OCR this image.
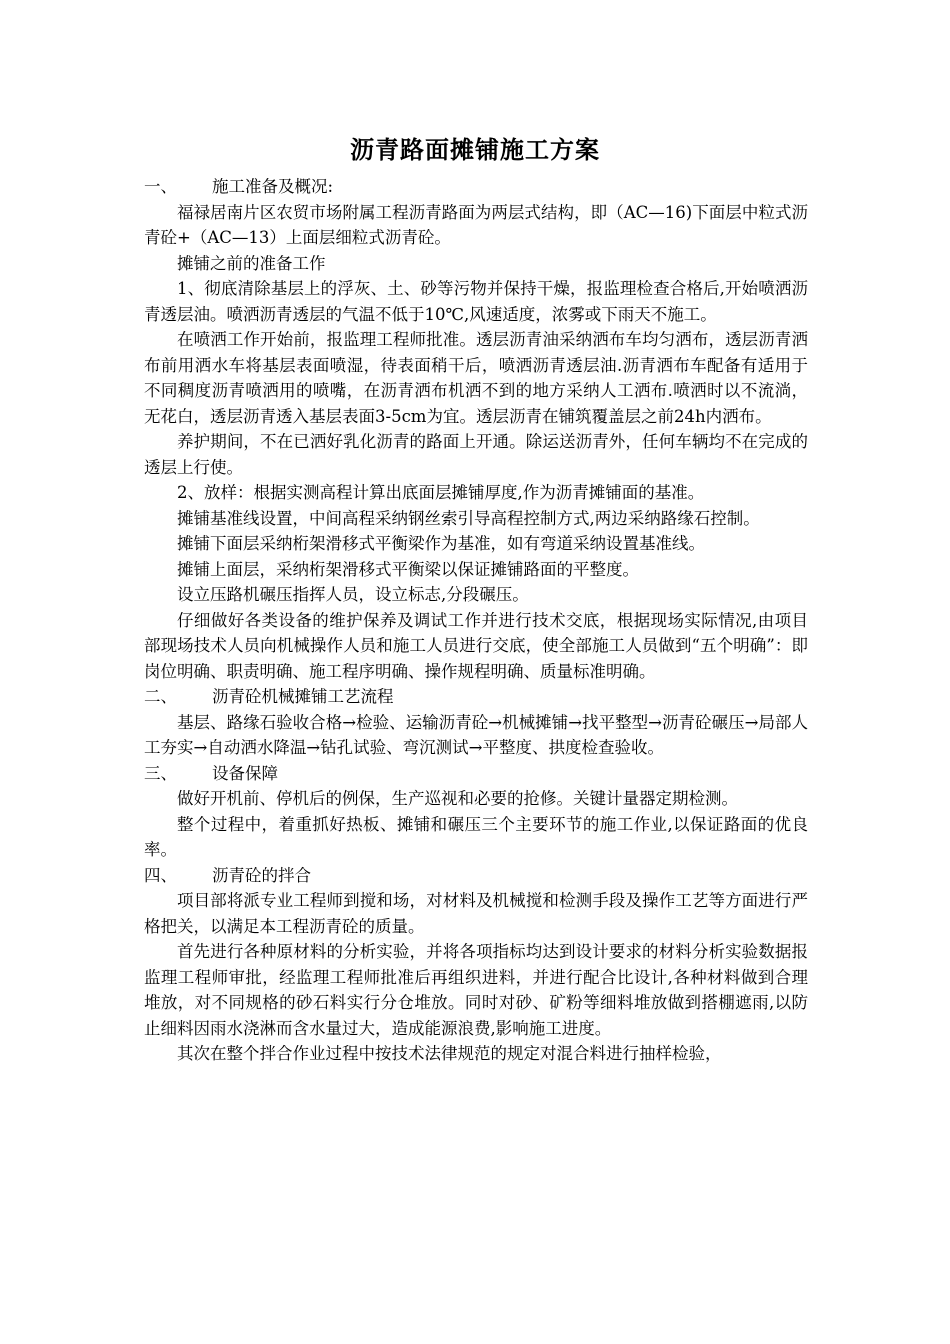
沥青路面摊铺施工方案

一、	施工准备及概况:

福禄居南片区农贸市场附属工程沥青路面为两层式结构，即（AC—16)下面层中粒式沥青砼+（AC—13）上面层细粒式沥青砼。

摊铺之前的准备工作

1、彻底清除基层上的浮灰、土、砂等污物并保持干燥，报监理检查合格后,开始喷洒沥青透层油。喷洒沥青透层的气温不低于10℃,风速适度，浓雾或下雨天不施工。

在喷洒工作开始前，报监理工程师批准。透层沥青油采纳洒布车均匀洒布，透层沥青洒布前用洒水车将基层表面喷湿，待表面稍干后，喷洒沥青透层油.沥青洒布车配备有适用于不同稠度沥青喷洒用的喷嘴，在沥青洒布机洒不到的地方采纳人工洒布.喷洒时以不流淌，无花白，透层沥青透入基层表面3-5cm为宜。透层沥青在铺筑覆盖层之前24h内洒布。

养护期间，不在已洒好乳化沥青的路面上开通。除运送沥青外，任何车辆均不在完成的透层上行使。

2、放样：根据实测高程计算出底面层摊铺厚度,作为沥青摊铺面的基准。

摊铺基准线设置，中间高程采纳钢丝索引导高程控制方式,两边采纳路缘石控制。

摊铺下面层采纳桁架滑移式平衡梁作为基准，如有弯道采纳设置基准线。

摊铺上面层，采纳桁架滑移式平衡梁以保证摊铺路面的平整度。

设立压路机碾压指挥人员，设立标志,分段碾压。

仔细做好各类设备的维护保养及调试工作并进行技术交底，根据现场实际情况,由项目部现场技术人员向机械操作人员和施工人员进行交底，使全部施工人员做到“五个明确”：即岗位明确、职责明确、施工程序明确、操作规程明确、质量标准明确。

二、	沥青砼机械摊铺工艺流程

基层、路缘石验收合格→检验、运输沥青砼→机械摊铺→找平整型→沥青砼碾压→局部人工夯实→自动洒水降温→钻孔试验、弯沉测试→平整度、拱度检查验收。

三、	设备保障

做好开机前、停机后的例保，生产巡视和必要的抢修。关键计量器定期检测。

整个过程中，着重抓好热板、摊铺和碾压三个主要环节的施工作业,以保证路面的优良率。

四、	沥青砼的拌合

项目部将派专业工程师到搅和场，对材料及机械搅和检测手段及操作工艺等方面进行严格把关，以满足本工程沥青砼的质量。

首先进行各种原材料的分析实验，并将各项指标均达到设计要求的材料分析实验数据报监理工程师审批，经监理工程师批准后再组织进料，并进行配合比设计,各种材料做到合理堆放，对不同规格的砂石料实行分仓堆放。同时对砂、矿粉等细料堆放做到搭棚遮雨,以防止细料因雨水浇淋而含水量过大，造成能源浪费,影响施工进度。

其次在整个拌合作业过程中按技术法律规范的规定对混合料进行抽样检验，
